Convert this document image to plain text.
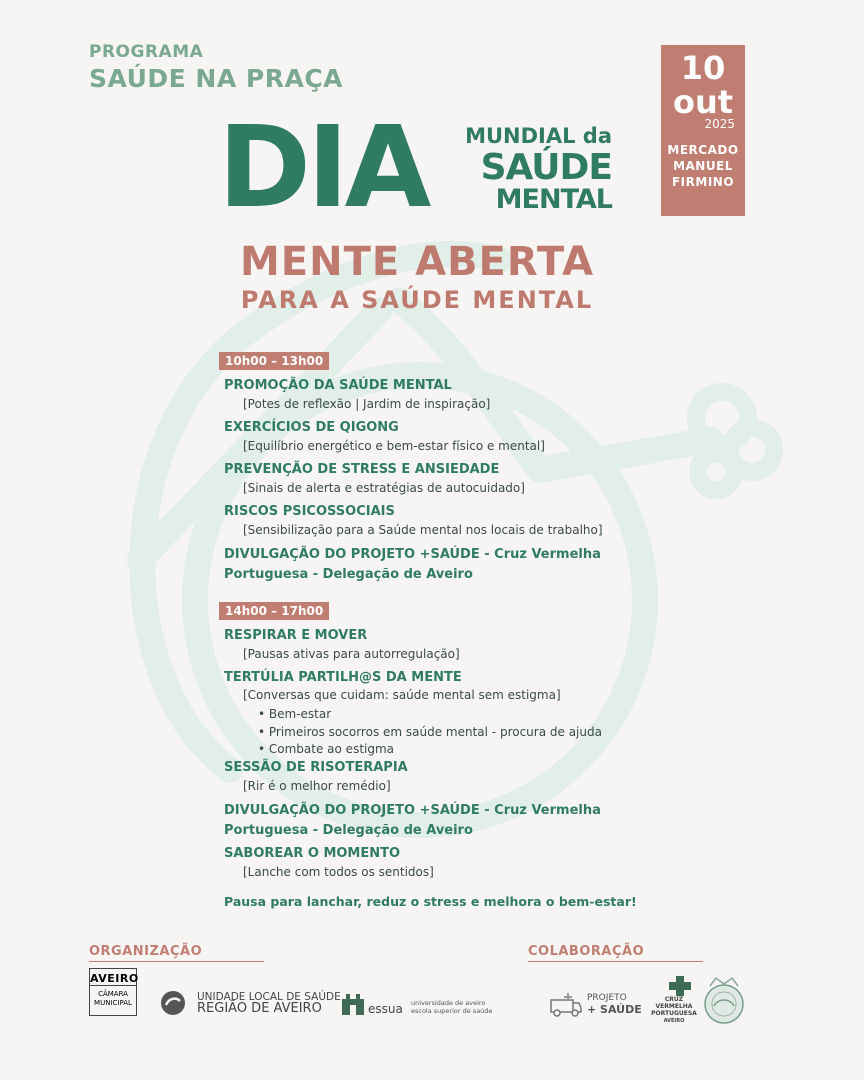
PROGRAMA
SAÚDE NA PRAÇA	10
out
2025
MERCADO
MANUEL
FIRMINO
DIA MUNDIAL da
SAÚDE
MENTAL
MENTE ABERTA
PARA A SAÚDE MENTAL
10h00 – 13h00
PROMOÇÃO DA SAÚDE MENTAL
[Potes de reflexão | Jardim de inspiração]
EXERCÍCIOS DE QIGONG
[Equilíbrio energético e bem-estar físico e mental]
PREVENÇÃO DE STRESS E ANSIEDADE
[Sinais de alerta e estratégias de autocuidado]
RISCOS PSICOSSOCIAIS
[Sensibilização para a Saúde mental nos locais de trabalho]
DIVULGAÇÃO DO PROJETO +SAÚDE - Cruz Vermelha
Portuguesa - Delegação de Aveiro
14h00 – 17h00
RESPIRAR E MOVER
[Pausas ativas para autorregulação]
TERTÚLIA PARTILH@S DA MENTE
[Conversas que cuidam: saúde mental sem estigma]
• Bem-estar
• Primeiros socorros em saúde mental - procura de ajuda
• Combate ao estigma
SESSÃO DE RISOTERAPIA
[Rir é o melhor remédio]
DIVULGAÇÃO DO PROJETO +SAÚDE - Cruz Vermelha
Portuguesa - Delegação de Aveiro
SABOREAR O MOMENTO
[Lanche com todos os sentidos]
Pausa para lanchar, reduz o stress e melhora o bem-estar!
ORGANIZAÇÃO	COLABORAÇÃO
AVEIRO
CÂMARA
MUNICIPAL	UNIDADE LOCAL DE SAÚDE
REGIÃO DE AVEIRO	essua universidade de aveiro
escola superior de saúde
PROJETO
+ SAÚDE
CRUZ
VERMELHA
PORTUGUESA
AVEIRO
